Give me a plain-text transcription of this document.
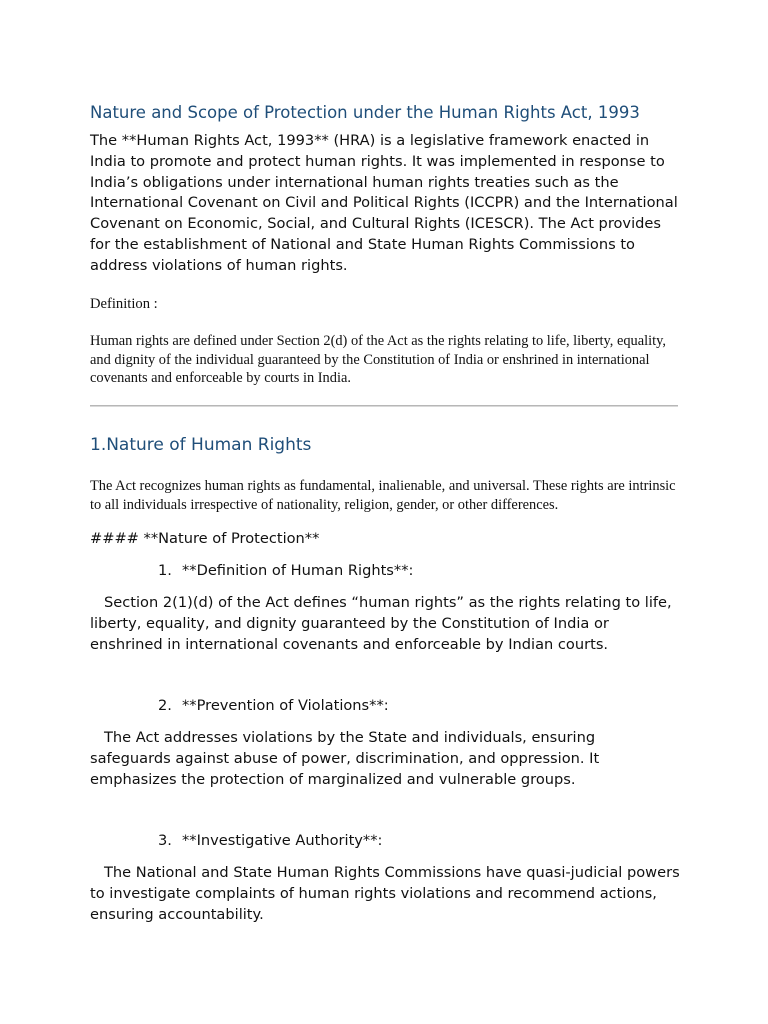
Nature and Scope of Protection under the Human Rights Act, 1993

The **Human Rights Act, 1993** (HRA) is a legislative framework enacted in India to promote and protect human rights. It was implemented in response to India’s obligations under international human rights treaties such as the International Covenant on Civil and Political Rights (ICCPR) and the International Covenant on Economic, Social, and Cultural Rights (ICESCR). The Act provides for the establishment of National and State Human Rights Commissions to address violations of human rights.

Definition :

Human rights are defined under Section 2(d) of the Act as the rights relating to life, liberty, equality, and dignity of the individual guaranteed by the Constitution of India or enshrined in international covenants and enforceable by courts in India.

1.Nature of Human Rights

The Act recognizes human rights as fundamental, inalienable, and universal. These rights are intrinsic to all individuals irrespective of nationality, religion, gender, or other differences.

#### **Nature of Protection**

1. **Definition of Human Rights**:

Section 2(1)(d) of the Act defines “human rights” as the rights relating to life, liberty, equality, and dignity guaranteed by the Constitution of India or enshrined in international covenants and enforceable by Indian courts.

2. **Prevention of Violations**:

The Act addresses violations by the State and individuals, ensuring safeguards against abuse of power, discrimination, and oppression. It emphasizes the protection of marginalized and vulnerable groups.

3. **Investigative Authority**:

The National and State Human Rights Commissions have quasi-judicial powers to investigate complaints of human rights violations and recommend actions, ensuring accountability.
